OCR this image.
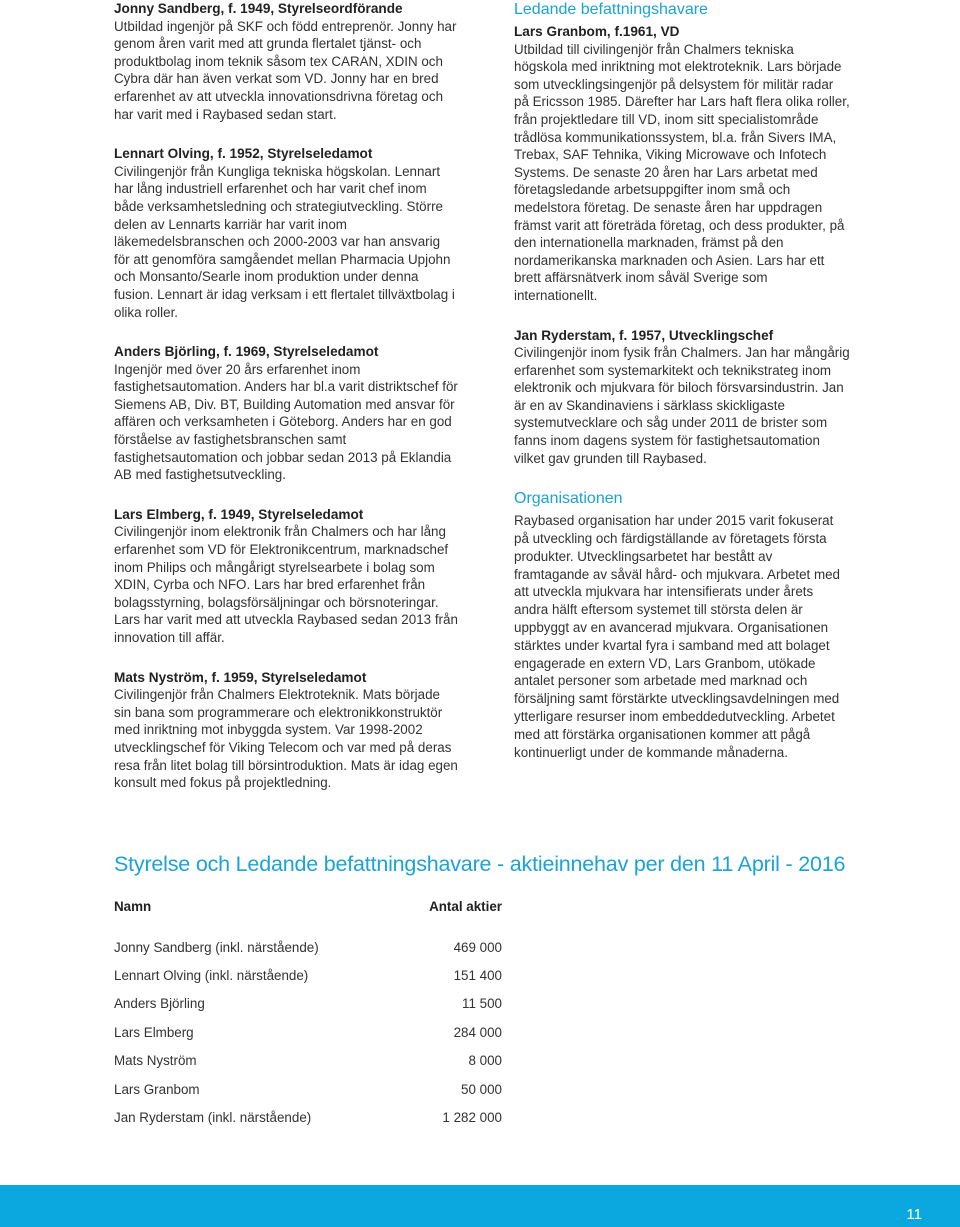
Jonny Sandberg, f. 1949, Styrelseordförande

Utbildad ingenjör på SKF och född entreprenör. Jonny har genom åren varit med att grunda flertalet tjänst- och produktbolag inom teknik såsom tex CARAN, XDIN och Cybra där han även verkat som VD. Jonny har en bred erfarenhet av att utveckla innovationsdrivna företag och har varit med i Raybased sedan start.

Lennart Olving, f. 1952, Styrelseledamot

Civilingenjör från Kungliga tekniska högskolan. Lennart har lång industriell erfarenhet och har varit chef inom både verksamhetsledning och strategiutveckling. Större delen av Lennarts karriär har varit inom läkemedelsbranschen och 2000-2003 var han ansvarig för att genomföra samgåendet mellan Pharmacia Upjohn och Monsanto/Searle inom produktion under denna fusion. Lennart är idag verksam i ett flertalet tillväxtbolag i olika roller.

Anders Björling, f. 1969, Styrelseledamot

Ingenjör med över 20 års erfarenhet inom fastighetsautomation. Anders har bl.a varit distriktschef för Siemens AB, Div. BT, Building Automation med ansvar för affären och verksamheten i Göteborg. Anders har en god förståelse av fastighetsbranschen samt fastighetsautomation och jobbar sedan 2013 på Eklandia AB med fastighetsutveckling.

Lars Elmberg, f. 1949, Styrelseledamot

Civilingenjör inom elektronik från Chalmers och har lång erfarenhet som VD för Elektronikcentrum, marknadschef inom Philips och mångårigt styrelsearbete i bolag som XDIN, Cyrba och NFO. Lars har bred erfarenhet från bolagsstyrning, bolagsförsäljningar och börsnoteringar. Lars har varit med att utveckla Raybased sedan 2013 från innovation till affär.

Mats Nyström, f. 1959, Styrelseledamot

Civilingenjör från Chalmers Elektroteknik. Mats började sin bana som programmerare och elektronikkonstruktör med inriktning mot inbyggda system. Var 1998-2002 utvecklingschef för Viking Telecom och var med på deras resa från litet bolag till börsintroduktion. Mats är idag egen konsult med fokus på projektledning.

Ledande befattningshavare

Lars Granbom, f.1961, VD

Utbildad till civilingenjör från Chalmers tekniska högskola med inriktning mot elektroteknik. Lars började som utvecklingsingenjör på delsystem för militär radar på Ericsson 1985. Därefter har Lars haft flera olika roller, från projektledare till VD, inom sitt specialistområde trådlösa kommunikationssystem, bl.a. från Sivers IMA, Trebax, SAF Tehnika, Viking Microwave och Infotech Systems. De senaste 20 åren har Lars arbetat med företagsledande arbetsuppgifter inom små och medelstora företag. De senaste åren har uppdragen främst varit att företräda företag, och dess produkter, på den internationella marknaden, främst på den nordamerikanska marknaden och Asien. Lars har ett brett affärsnätverk inom såväl Sverige som internationellt.

Jan Ryderstam, f. 1957, Utvecklingschef

Civilingenjör inom fysik från Chalmers. Jan har mångårig erfarenhet som systemarkitekt och teknikstrateg inom elektronik och mjukvara för biloch försvarsindustrin. Jan är en av Skandinaviens i särklass skickligaste systemutvecklare och såg under 2011 de brister som fanns inom dagens system för fastighetsautomation vilket gav grunden till Raybased.

Organisationen

Raybased organisation har under 2015 varit fokuserat på utveckling och färdigställande av företagets första produkter. Utvecklingsarbetet har bestått av framtagande av såväl hård- och mjukvara. Arbetet med att utveckla mjukvara har intensifierats under årets andra hälft eftersom systemet till största delen är uppbyggt av en avancerad mjukvara. Organisationen stärktes under kvartal fyra i samband med att bolaget engagerade en extern VD, Lars Granbom, utökade antalet personer som arbetade med marknad och försäljning samt förstärkte utvecklingsavdelningen med ytterligare resurser inom embeddedutveckling. Arbetet med att förstärka organisationen kommer att pågå kontinuerligt under de kommande månaderna.

Styrelse och Ledande befattningshavare - aktieinnehav per den 11 April - 2016
Namn	Antal aktier
Jonny Sandberg (inkl. närstående)	469 000
Lennart Olving (inkl. närstående)	151 400
Anders Björling	11 500
Lars Elmberg	284 000
Mats Nyström	8 000
Lars Granbom	50 000
Jan Ryderstam (inkl. närstående)	1 282 000
11
